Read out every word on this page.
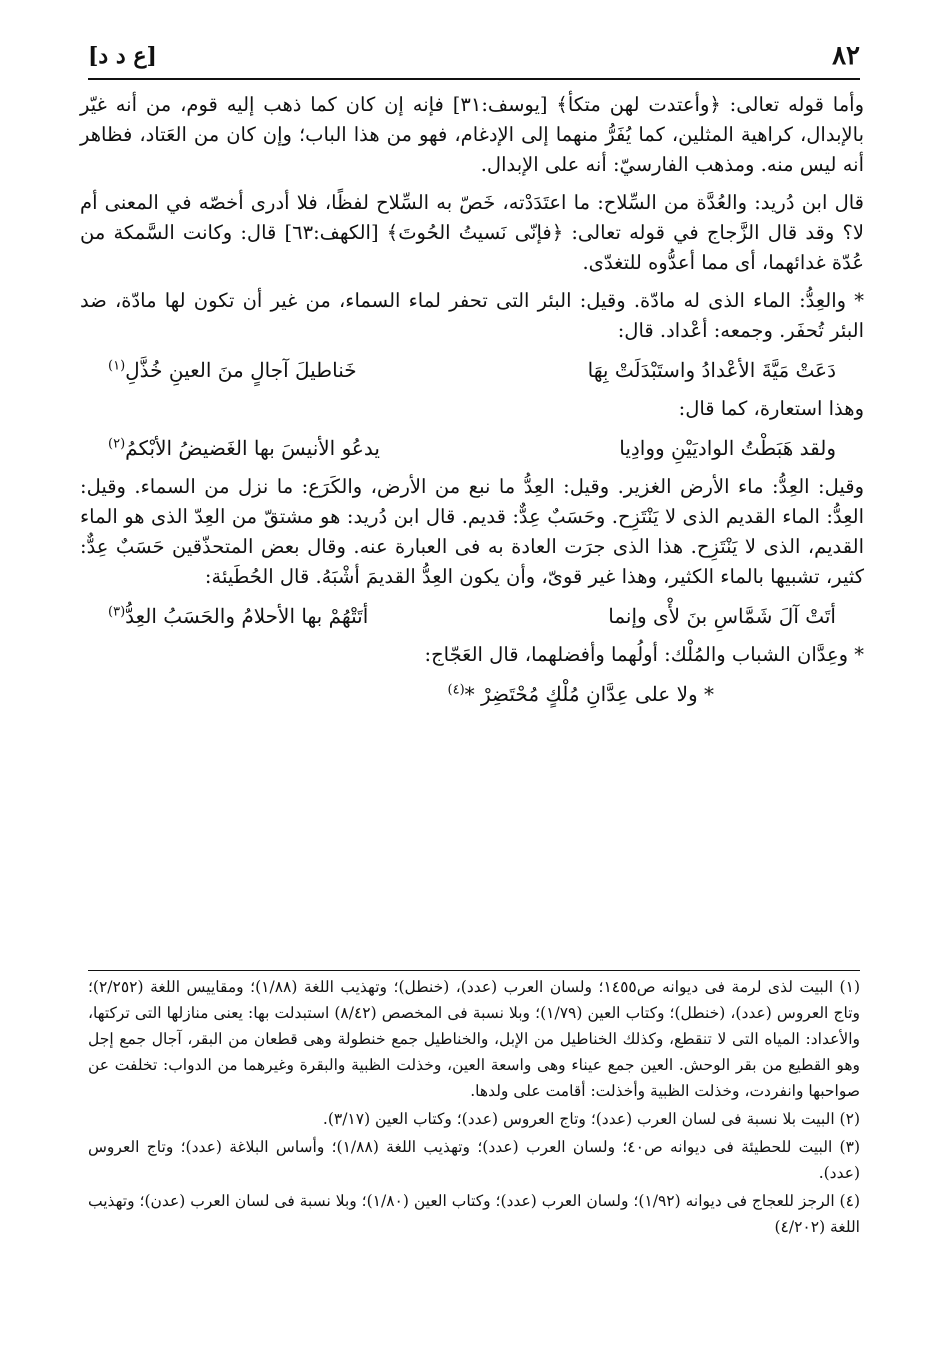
٨٢
[ع د د]

وأما قوله تعالى: ﴿وأعتدت لهن متكأ﴾ [يوسف:٣١] فإنه إن كان كما ذهب إليه قوم، من أنه غيّر بالإبدال، كراهية المثلين، كما يُفَرُّ منهما إلى الإدغام، فهو من هذا الباب؛ وإن كان من العَتاد، فظاهر أنه ليس منه. ومذهب الفارسيّ: أنه على الإبدال.

قال ابن دُريد: والعُدَّة من السِّلاح: ما اعتَدَدْته، خَصّ به السِّلاح لفظًا، فلا أدرى أخصّه في المعنى أم لا؟ وقد قال الزَّجاج في قوله تعالى: ﴿فإنّى نَسيتُ الحُوتَ﴾ [الكهف:٦٣] قال: وكانت السَّمكة من عُدّة غدائهما، أى مما أعدُّوه للتغدّى.

* والعِدُّ: الماء الذى له مادّة. وقيل: البئر التى تحفر لماء السماء، من غير أن تكون لها مادّة، ضد البئر تُحفَر. وجمعه: أعْداد. قال:

دَعَتْ مَيَّةَ الأعْدادُ واستَبْدَلَتْ بِهَا
خَناطيلَ آجالٍ منَ العينِ خُذَّلِ$^{(١)}$

وهذا استعارة، كما قال:

ولقد هَبَطْتُ الواديَيْنِ ووادِيا
يدعُو الأنيسَ بها الغَضيضُ الأبْكمُ$^{(٢)}$

وقيل: العِدُّ: ماء الأرض الغزير. وقيل: العِدُّ ما نبع من الأرض، والكَرَع: ما نزل من السماء. وقيل: العِدُّ: الماء القديم الذى لا يَنْتَزِح. وحَسَبٌ عِدٌّ: قديم. قال ابن دُريد: هو مشتقّ من العِدّ الذى هو الماء القديم، الذى لا يَنْتَزِح. هذا الذى جرَت العادة به فى العبارة عنه. وقال بعض المتحذّقين حَسَبٌ عِدٌّ: كثير، تشبيها بالماء الكثير، وهذا غير قوىّ، وأن يكون العِدُّ القديمَ أشْبَهُ. قال الحُطَيئة:

أتَتْ آلَ شَمَّاسِ بنَ لأْى وإنما
أتَتْهُمْ بها الأحلامُ والحَسَبُ العِدُّ$^{(٣)}$

* وعِدَّان الشباب والمُلْك: أولُهما وأفضلهما، قال العَجّاج:

* ولا على عِدَّانِ مُلْكٍ مُحْتَضِرْ *$^{(٤)}$

(١) البيت لذى لرمة فى ديوانه ص١٤٥٥؛ ولسان العرب (عدد)، (خنطل)؛ وتهذيب اللغة (١/٨٨)؛ ومقاييس اللغة (٢/٢٥٢)؛ وتاج العروس (عدد)، (خنطل)؛ وكتاب العين (١/٧٩)؛ وبلا نسبة فى المخصص (٨/٤٢) استبدلت بها: يعنى منازلها التى تركتها، والأعداد: المياه التى لا تنقطع، وكذلك الخناطيل من الإبل، والخناطيل جمع خنطولة وهى قطعان من البقر، آجال جمع إجل وهو القطيع من بقر الوحش. العين جمع عيناء وهى واسعة العين، وخذلت الظبية والبقرة وغيرهما من الدواب: تخلفت عن صواحبها وانفردت، وخذلت الظبية وأخذلت: أقامت على ولدها.

(٢) البيت بلا نسبة فى لسان العرب (عدد)؛ وتاج العروس (عدد)؛ وكتاب العين (٣/١٧).

(٣) البيت للحطيئة فى ديوانه ص٤٠؛ ولسان العرب (عدد)؛ وتهذيب اللغة (١/٨٨)؛ وأساس البلاغة (عدد)؛ وتاج العروس (عدد).

(٤) الرجز للعجاج فى ديوانه (١/٩٢)؛ ولسان العرب (عدد)؛ وكتاب العين (١/٨٠)؛ وبلا نسبة فى لسان العرب (عدن)؛ وتهذيب اللغة (٤/٢٠٢)
